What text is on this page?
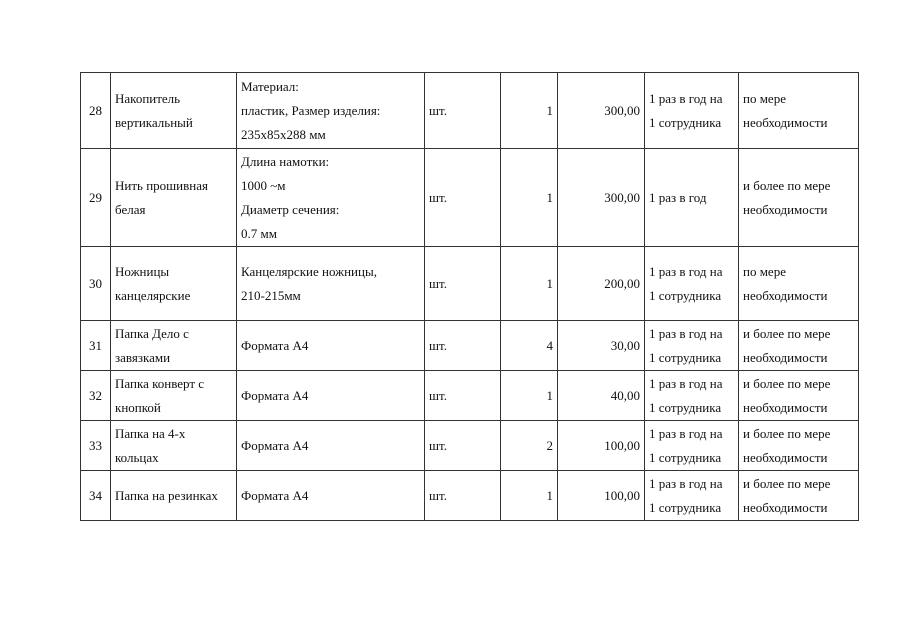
28	Накопитель
вертикальный	Материал:
пластик, Размер изделия:
235х85х288 мм	шт.	1	300,00	1 раз в год на
1 сотрудника	по мере
необходимости

29	Нить прошивная
белая	Длина намотки:
1000 ~м
Диаметр сечения:
0.7 мм	шт.	1	300,00	1 раз в год	и более по мере
необходимости

30	Ножницы
канцелярские	Канцелярские ножницы,
210-215мм	шт.	1	200,00	1 раз в год на
1 сотрудника	по мере
необходимости

31	Папка Дело с
завязками	Формата А4	шт.	4	30,00	1 раз в год на
1 сотрудника	и более по мере
необходимости

32	Папка конверт с
кнопкой	Формата А4	шт.	1	40,00	1 раз в год на
1 сотрудника	и более по мере
необходимости

33	Папка на 4-х
кольцах	Формата А4	шт.	2	100,00	1 раз в год на
1 сотрудника	и более по мере
необходимости

34	Папка на резинках	Формата А4	шт.	1	100,00	1 раз в год на
1 сотрудника	и более по мере
необходимости
